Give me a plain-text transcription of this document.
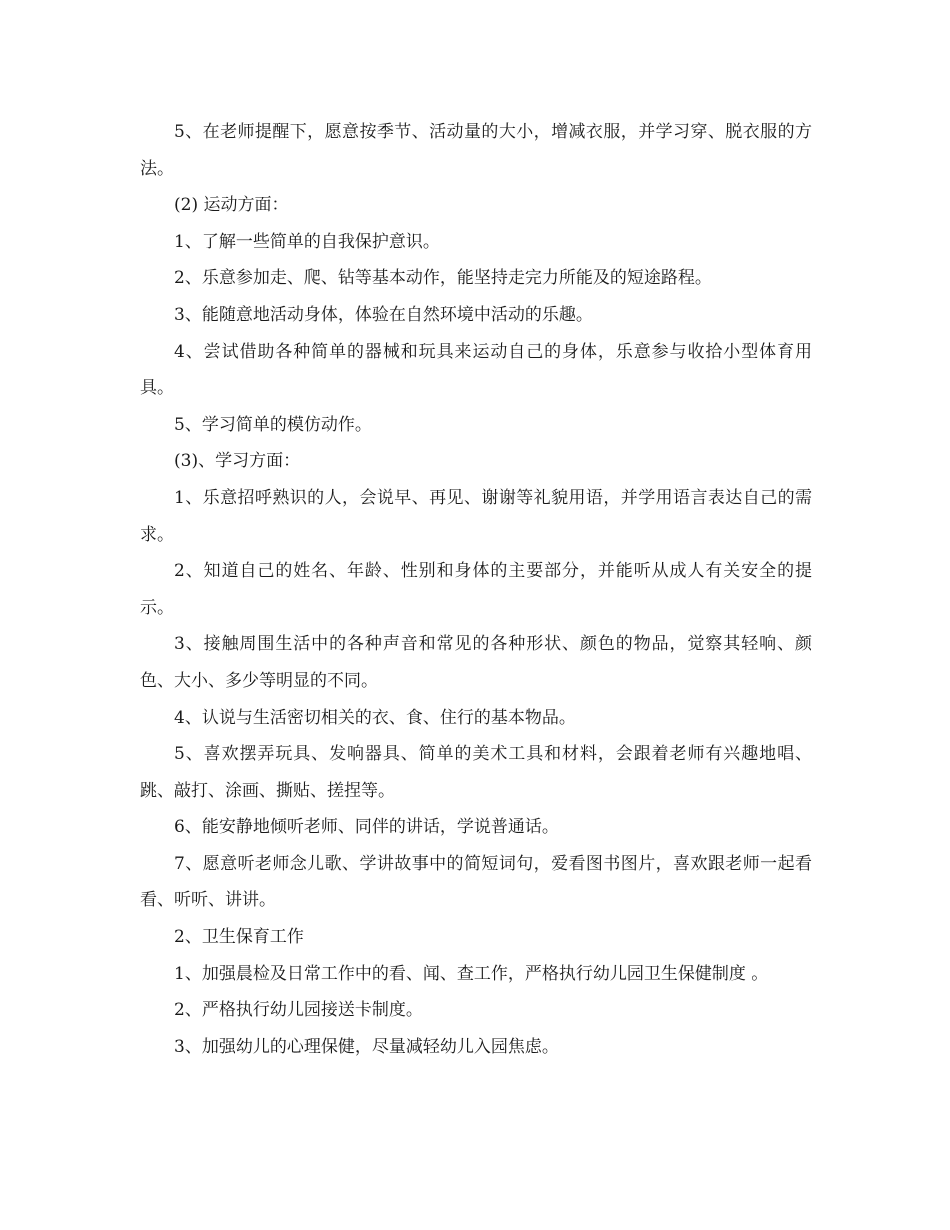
5、在老师提醒下，愿意按季节、活动量的大小，增减衣服，并学习穿、脱衣服的方法。

(2) 运动方面：

1、了解一些简单的自我保护意识。

2、乐意参加走、爬、钻等基本动作，能坚持走完力所能及的短途路程。

3、能随意地活动身体，体验在自然环境中活动的乐趣。

4、尝试借助各种简单的器械和玩具来运动自己的身体，乐意参与收拾小型体育用具。

5、学习简单的模仿动作。

(3)、学习方面：

1、乐意招呼熟识的人，会说早、再见、谢谢等礼貌用语，并学用语言表达自己的需求。

2、知道自己的姓名、年龄、性别和身体的主要部分，并能听从成人有关安全的提示。

3、接触周围生活中的各种声音和常见的各种形状、颜色的物品，觉察其轻响、颜色、大小、多少等明显的不同。

4、认说与生活密切相关的衣、食、住行的基本物品。

5、喜欢摆弄玩具、发响器具、简单的美术工具和材料，会跟着老师有兴趣地唱、跳、敲打、涂画、撕贴、搓捏等。

6、能安静地倾听老师、同伴的讲话，学说普通话。

7、愿意听老师念儿歌、学讲故事中的简短词句，爱看图书图片，喜欢跟老师一起看看、听听、讲讲。

2、卫生保育工作

1、加强晨检及日常工作中的看、闻、查工作，严格执行幼儿园卫生保健制度 。

2、严格执行幼儿园接送卡制度。

3、加强幼儿的心理保健，尽量减轻幼儿入园焦虑。
